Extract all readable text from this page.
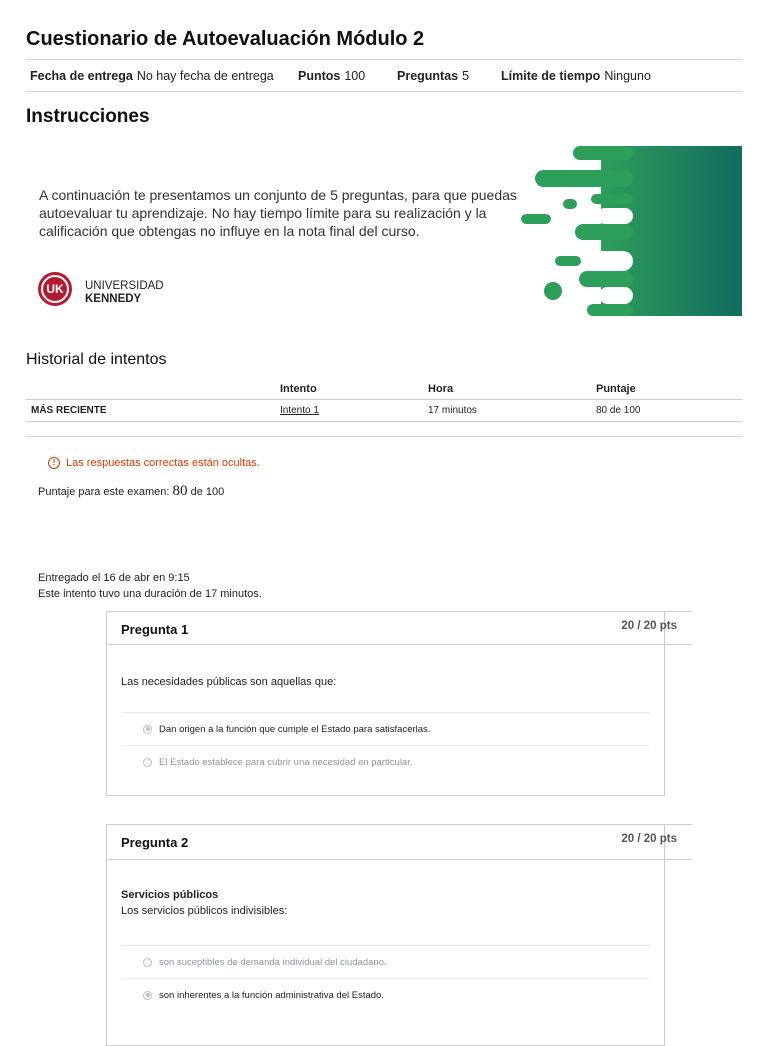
Cuestionario de Autoevaluación Módulo 2
Fecha de entrega No hay fecha de entrega Puntos 100	Preguntas 5	Límite de tiempo Ninguno
Instrucciones
A continuación te presentamos un conjunto de 5 preguntas, para que puedas autoevaluar tu aprendizaje. No hay tiempo límite para su realización y la calificación que obtengas no influye en la nota final del curso.
UK UNIVERSIDAD
KENNEDY
Historial de intentos
	Intento	Hora	Puntaje
MÁS RECIENTE	Intento 1	17 minutos	80 de 100
! Las respuestas correctas están ocultas.
Puntaje para este examen: 80 de 100
Entregado el 16 de abr en 9:15
Este intento tuvo una duración de 17 minutos.
Pregunta 1	20 / 20 pts
Las necesidades públicas son aquellas que:
Dan origen a la función que cumple el Estado para satisfacerlas.
El Estado establece para cubrir una necesidad en particular.
Pregunta 2	20 / 20 pts
Servicios públicos
Los servicios públicos indivisibles:
son suceptibles de demanda individual del ciudadano.
son inherentes a la función administrativa del Estado.
